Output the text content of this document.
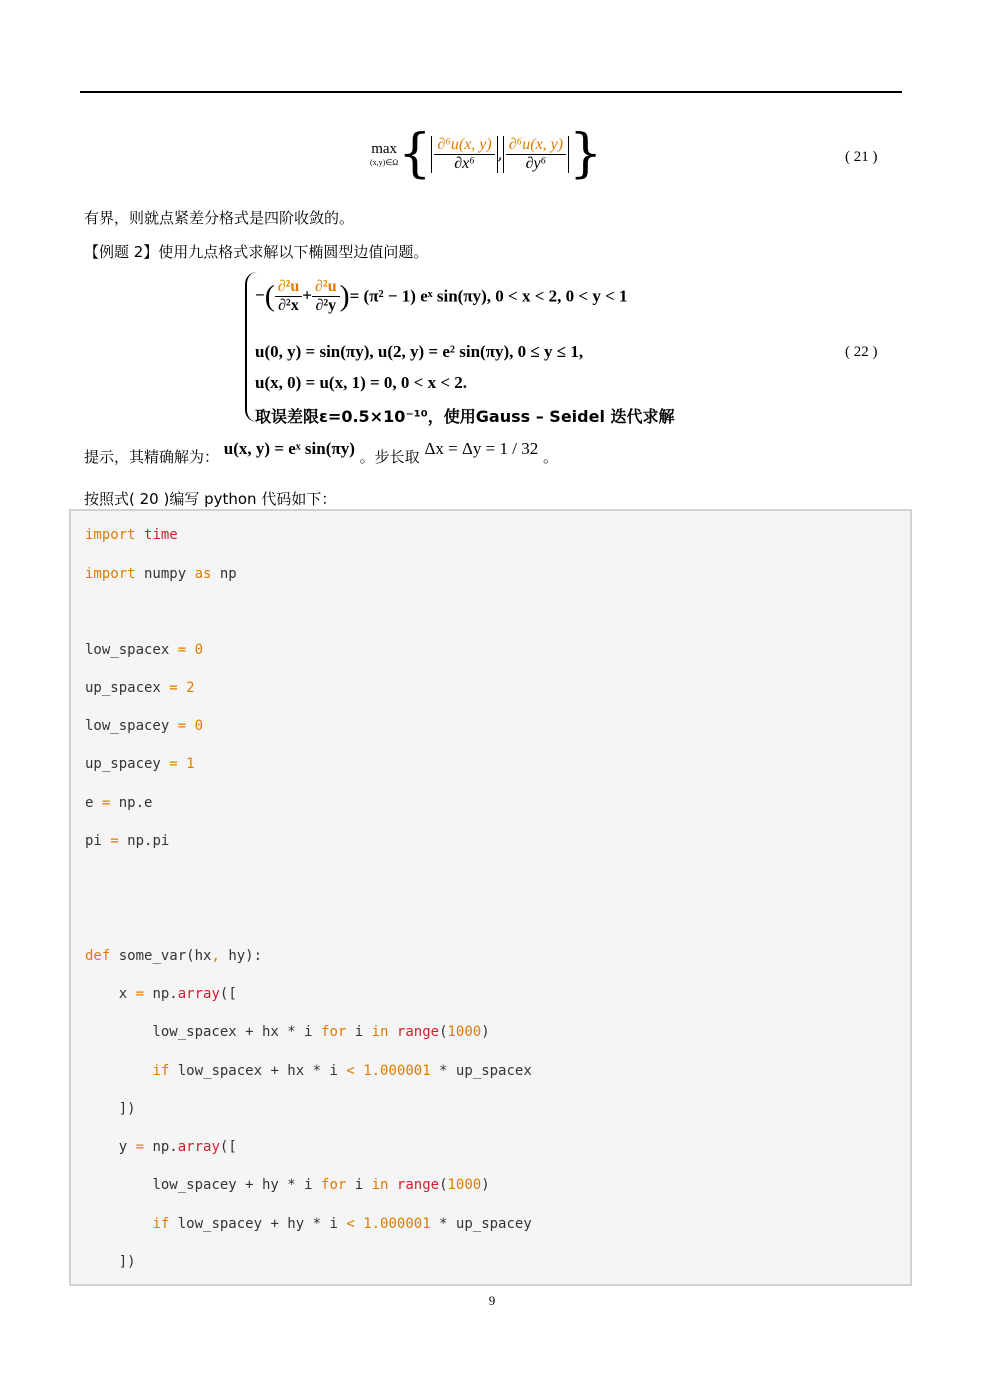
max
(x,y)∈Ω { $\frac{\text{∂⁶u(x, y)}}{\text{∂x⁶}}$ , $\frac{\text{∂⁶u(x, y)}}{\text{∂y⁶}}$ }	( 21 )
有界，则就点紧差分格式是四阶收敛的。
【例题 2】使用九点格式求解以下椭圆型边值问题。
−( $\frac{\text{∂²u}}{\text{∂²x}} + \frac{\text{∂²u}}{\text{∂²y}}$ )= (π² − 1) eˣ sin(πy), 0 < x < 2, 0 < y < 1
u(0, y) = sin(πy), u(2, y) = e² sin(πy), 0 ≤ y ≤ 1,
u(x, 0) = u(x, 1) = 0, 0 < x < 2.
取误差限ε=0.5×10⁻¹⁰，使用Gauss – Seidel 迭代求解
( 22 )
提示，其精确解为： u(x, y) = eˣ sin(πy) 。步长取 Δx = Δy = 1 / 32 。
按照式( 20 )编写 python 代码如下：
import time
import numpy as np
low_spacex = 0
up_spacex = 2
low_spacey = 0
up_spacey = 1
e = np.e
pi = np.pi
def some_var(hx, hy):
x = np.array([
low_spacex + hx * i for i in range(1000)
if low_spacex + hx * i < 1.000001 * up_spacex
])
y = np.array([
low_spacey + hy * i for i in range(1000)
if low_spacey + hy * i < 1.000001 * up_spacey
])
9
